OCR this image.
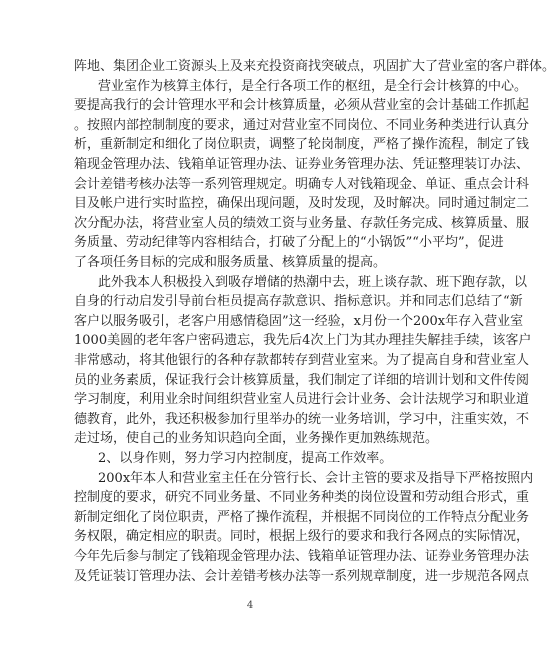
阵地、集团企业工资源头上及来充投资商找突破点，巩固扩大了营业室的客户群体。
营业室作为核算主体行，是全行各项工作的枢纽，是全行会计核算的中心。
要提高我行的会计管理水平和会计核算质量，必须从营业室的会计基础工作抓起
。按照内部控制制度的要求，通过对营业室不同岗位、不同业务种类进行认真分
析，重新制定和细化了岗位职责，调整了轮岗制度，严格了操作流程，制定了钱
箱现金管理办法、钱箱单证管理办法、证券业务管理办法、凭证整理装订办法、
会计差错考核办法等一系列管理规定。明确专人对钱箱现金、单证、重点会计科
目及帐户进行实时监控，确保出现问题，及时发现，及时解决。同时通过制定二
次分配办法，将营业室人员的绩效工资与业务量、存款任务完成、核算质量、服
务质量、劳动纪律等内容相结合，打破了分配上的“小锅饭”“小平均”，促进
了各项任务目标的完成和服务质量、核算质量的提高。
此外我本人积极投入到吸存增储的热潮中去，班上谈存款、班下跑存款，以
自身的行动启发引导前台柜员提高存款意识、指标意识。并和同志们总结了“新
客户以服务吸引，老客户用感情稳固”这一经验，x月份一个200x年存入营业室
1000美圆的老年客户密码遗忘，我先后4次上门为其办理挂失解挂手续，该客户
非常感动，将其他银行的各种存款都转存到营业室来。为了提高自身和营业室人
员的业务素质，保证我行会计核算质量，我们制定了详细的培训计划和文件传阅
学习制度，利用业余时间组织营业室人员进行会计业务、会计法规学习和职业道
德教育，此外，我还积极参加行里举办的统一业务培训，学习中，注重实效，不
走过场，使自己的业务知识趋向全面，业务操作更加熟练规范。
2、以身作则，努力学习内控制度，提高工作效率。
200x年本人和营业室主任在分管行长、会计主管的要求及指导下严格按照内
控制度的要求，研究不同业务量、不同业务种类的岗位设置和劳动组合形式，重
新制定细化了岗位职责，严格了操作流程，并根据不同岗位的工作特点分配业务
务权限，确定相应的职责。同时，根据上级行的要求和我行各网点的实际情况，
今年先后参与制定了钱箱现金管理办法、钱箱单证管理办法、证券业务管理办法
及凭证装订管理办法、会计差错考核办法等一系列规章制度，进一步规范各网点
4
